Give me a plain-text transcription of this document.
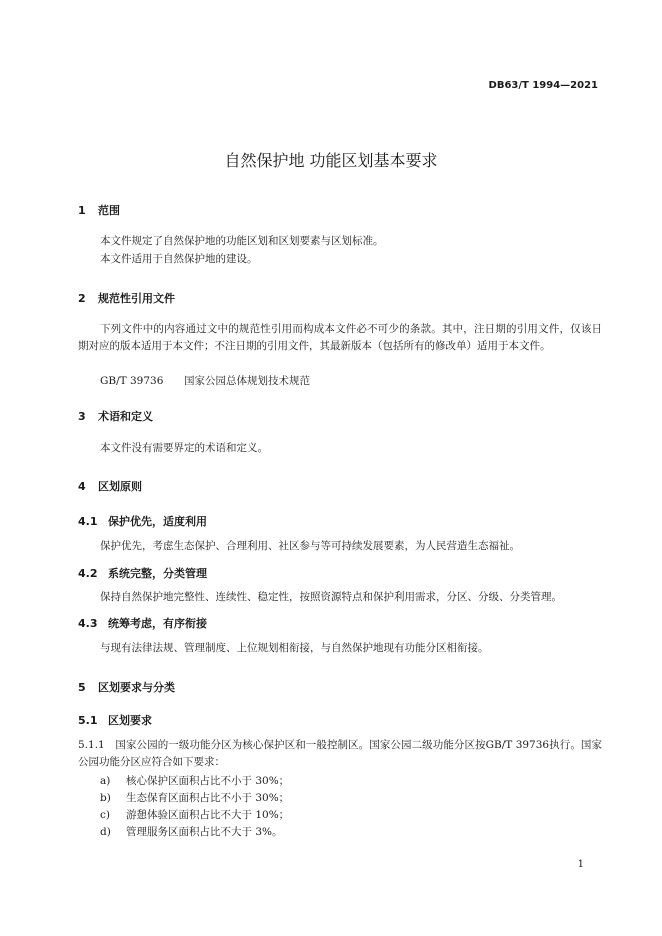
DB63/T 1994—2021
自然保护地 功能区划基本要求
1 范围
本文件规定了自然保护地的功能区划和区划要素与区划标准。
本文件适用于自然保护地的建设。
2 规范性引用文件
下列文件中的内容通过文中的规范性引用而构成本文件必不可少的条款。其中，注日期的引用文件，仅该日期对应的版本适用于本文件；不注日期的引用文件，其最新版本（包括所有的修改单）适用于本文件。
GB/T 39736 国家公园总体规划技术规范
3 术语和定义
本文件没有需要界定的术语和定义。
4 区划原则
4.1 保护优先，适度利用
保护优先，考虑生态保护、合理利用、社区参与等可持续发展要素，为人民营造生态福祉。
4.2 系统完整，分类管理
保持自然保护地完整性、连续性、稳定性，按照资源特点和保护利用需求，分区、分级、分类管理。
4.3 统筹考虑，有序衔接
与现有法律法规、管理制度、上位规划相衔接，与自然保护地现有功能分区相衔接。
5 区划要求与分类
5.1 区划要求
5.1.1　国家公园的一级功能分区为核心保护区和一般控制区。国家公园二级功能分区按GB/T 39736执行。国家公园功能分区应符合如下要求：
a) 核心保护区面积占比不小于 30%；
b) 生态保育区面积占比不小于 30%；
c) 游憩体验区面积占比不大于 10%；
d) 管理服务区面积占比不大于 3%。
1
